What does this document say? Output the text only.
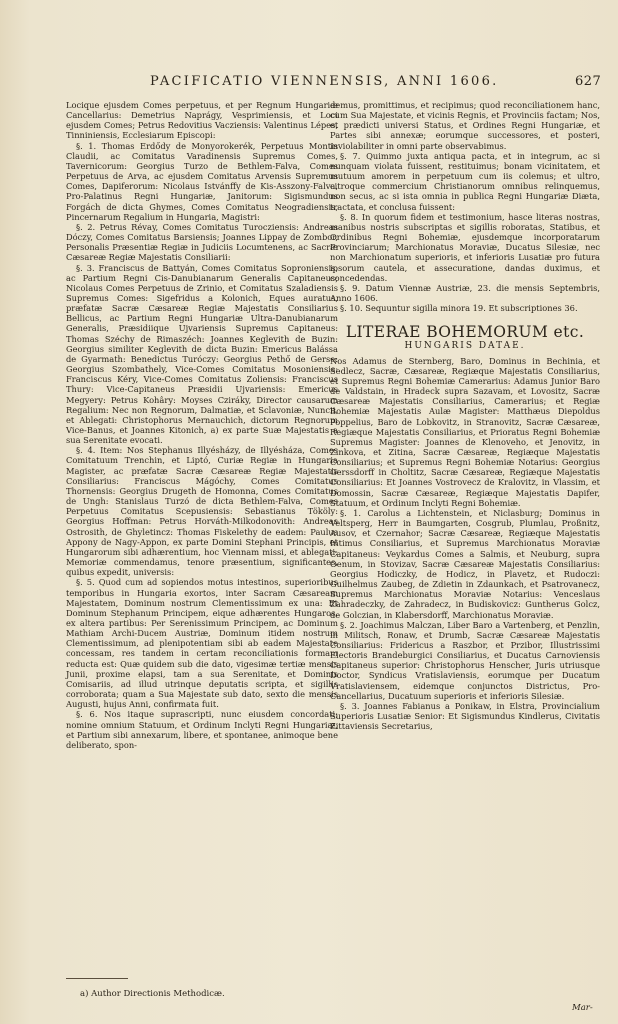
PACIFICATIO VIENNENSIS, ANNI 1606.	627

Locique ejusdem Comes perpetuus, et per Regnum Hungariæ Cancellarius: Demetrius Naprágy, Vesprimiensis, et Loci ejusdem Comes; Petrus Redovitius Vacziensis: Valentinus Lépes, Tinniniensis, Ecclesiarum Episcopi:

§. 1. Thomas Erdődy de Monyorokerék, Perpetuus Montis Claudii, ac Comitatus Varadinensis Supremus Comes, Tavernicorum: Georgius Turzo de Bethlem-Falva, Comes Perpetuus de Arva, ac ejusdem Comitatus Arvensis Supremus Comes, Dapiferorum: Nicolaus Istvánffy de Kis-Asszony-Falva, Pro-Palatinus Regni Hungariæ, Janitorum: Sigismundus Forgách de dicta Ghymes, Comes Comitatus Neogradiensis, Pincernarum Regalium in Hungaria, Magistri:

§. 2. Petrus Révay, Comes Comitatus Turocziensis: Andreas Dóczy, Comes Comitatus Barsiensis; Joannes Lippay de Zombor, Personalis Præsentiæ Regiæ in Judiciis Locumtenens, ac Sacræ Cæsareæ Regiæ Majestatis Consiliarii:

§. 3. Franciscus de Battyán, Comes Comitatus Soproniensis, ac Partium Regni Cis-Danubianarum Generalis Capitaneus; Nicolaus Comes Perpetuus de Zrinio, et Comitatus Szaladiensis Supremus Comes: Sigefridus a Kolonich, Eques auratus, præfatæ Sacræ Cæsareæ Regiæ Majestatis Consiliarius Bellicus, ac Partium Regni Hungariæ Ultra-Danubianarum Generalis, Præsidiique Ujvariensis Supremus Capitaneus: Thomas Széchy de Rimaszéch: Joannes Keglevith de Buzin: Georgius similiter Keglevith de dicta Buzin: Emericus Balássa de Gyarmath: Benedictus Turóczy: Georgius Pethő de Gerse: Georgius Szombathely, Vice-Comes Comitatus Mosoniensis: Franciscus Kéry, Vice-Comes Comitatus Zoliensis: Franciscus Thury: Vice-Capitaneus Præsidii Ujvariensis: Emericus Megyery: Petrus Kohâry: Moyses Cziráky, Director causarum Regalium: Nec non Regnorum, Dalmatiæ, et Sclavoniæ, Nuncii, et Ablegati: Christophorus Mernauchich, dictorum Regnorum Vice-Banus, et Joannes Kitonich, a) ex parte Suæ Majestatis a sua Serenitate evocati.

§. 4. Item: Nos Stephanus Illyésházy, de Illyésháza, Comes Comitatuum Trenchin, et Liptó, Curiæ Regiæ in Hungaria Magister, ac præfatæ Sacræ Cæsareæ Regiæ Majestatis Consiliarius: Franciscus Mágóchy, Comes Comitatus Thornensis: Georgius Drugeth de Homonna, Comes Comitatus de Ungh: Stanislaus Turzó de dicta Bethlem-Falva, Comes Perpetuus Comitatus Scepusiensis: Sebastianus Tököly: Georgius Hoffman: Petrus Horváth-Milkodonovith: Andreas Ostrosith, de Ghyletincz: Thomas Fiskelethy de eadem: Paulus Appony de Nagy-Appon, ex parte Domini Stephani Principis, et Hungarorum sibi adhærentium, hoc Viennam missi, et ablegati: Memoriæ commendamus, tenore præsentium, significantes, quibus expedit, universis:

§. 5. Quod cum ad sopiendos motus intestinos, superioribus temporibus in Hungaria exortos, inter Sacram Cæsaream Majestatem, Dominum nostrum Clementissimum ex una: Et Dominum Stephanum Principem, eique adhærentes Hungaros, ex altera partibus: Per Serenissimum Principem, ac Dominum Mathiam Archi-Ducem Austriæ, Dominum itidem nostrum Clementissimum, ad plenipotentiam sibi ab eadem Majestate concessam, res tandem in certam reconciliationis formam reducta est: Quæ quidem sub die dato, vigesimæ tertiæ mensis Junii, proxime elapsi, tam a sua Serenitate, et Dominis Comisariis, ad illud utrinque deputatis scripta, et sigillis corroborata; quam a Sua Majestate sub dato, sexto die mensis Augusti, hujus Anni, confirmata fuit.

§. 6. Nos itaque suprascripti, nunc eiusdem concordati; nomine omnium Statuum, et Ordinum Inclyti Regni Hungariæ, et Partium sibi annexarum, libere, et spontanee, animoque bene deliberato, spon-

demus, promittimus, et recipimus; quod reconciliationem hanc, cum Sua Majestate, et vicinis Regnis, et Provinciis factam; Nos, et prædicti universi Status, et Ordines Regni Hungariæ, et Partes sibi annexæ; eorumque successores, et posteri, inviolabiliter in omni parte observabimus.

§. 7. Quimmo juxta antiqua pacta, et in integrum, ac si nunquam violata fuissent, restituimus; bonam vicinitatem, et mutuum amorem in perpetuum cum iis colemus; et ultro, citroque commercium Christianorum omnibus relinquemus, non secus, ac si ista omnia in publica Regni Hungariæ Diæta, tractata, et conclusa fuissent:

§. 8. In quorum fidem et testimonium, hasce literas nostras, manibus nostris subscriptas et sigillis roboratas, Statibus, et Ordinibus Regni Bohemiæ, ejusdemque incorporatarum Provinciarum; Marchionatus Moraviæ, Ducatus Silesiæ, nec non Marchionatum superioris, et inferioris Lusatiæ pro futura ipsorum cautela, et assecuratione, dandas duximus, et concedendas.

§. 9. Datum Viennæ Austriæ, 23. die mensis Septembris, Anno 1606.

§. 10. Sequuntur sigilla minora 19. Et subscriptiones 36.

LITERAE BOHEMORUM etc.
HUNGARIS DATAE.

Nos Adamus de Sternberg, Baro, Dominus in Bechinia, et Sedlecz, Sacræ, Cæsareæ, Regiæque Majestatis Consiliarius, et Supremus Regni Bohemiæ Camerarius: Adamus Junior Baro de Valdstain, in Hradeck supra Sazavam, et Lovositz, Sacræ Cæsareæ Majestatis Consiliarius, Camerarius; et Regiæ Bohemiæ Majestatis Aulæ Magister: Matthæus Diepoldus Poppelius, Baro de Lobkovitz, in Stranovitz, Sacræ Cæsareæ, Regiæque Majestatis Consiliarius, et Prioratus Regni Bohemiæ Supremus Magister: Joannes de Klenoveho, et Jenovitz, in Zinkova, et Zitina, Sacræ Cæsareæ, Regiæque Majestatis Consiliarius; et Supremus Regni Bohemiæ Notarius: Georgius Gerssdorff in Choltitz, Sacræ Cæsareæ, Regiæque Majestatis Consiliarius: Et Joannes Vostrovecz de Kralovitz, in Vlassim, et Domossin, Sacræ Cæsareæ, Regiæque Majestatis Dapifer, Statuum, et Ordinum Inclyti Regni Bohemiæ.

§. 1. Carolus a Lichtenstein, et Niclasburg; Dominus in Veltsperg, Herr in Baumgarten, Cosgrub, Plumlau, Proßnitz, Ausov, et Czernahor; Sacræ Cæsareæ, Regiæque Majestatis Intimus Consiliarius, et Supremus Marchionatus Moraviæ Capitaneus: Veykardus Comes a Salmis, et Neuburg, supra Oenum, in Stovizav, Sacræ Cæsareæ Majestatis Consiliarius: Georgius Hodiczky, de Hodicz, in Plavetz, et Rudoczi: Guilhelmus Zaubeg, de Zdietin in Zdaunkach, et Psatrovanecz, Supremus Marchionatus Moraviæ Notarius: Venceslaus Zahradeczky, de Zahradecz, in Budiskovicz: Guntherus Golcz, de Golczian, in Klabersdorff, Marchionatus Moraviæ.

§. 2. Joachimus Malczan, Liber Baro a Vartenberg, et Penzlin, in Militsch, Ronaw, et Drumb, Sacræ Cæsareæ Majestatis Consiliarius: Fridericus a Raszbor, et Przibor, Illustrissimi Electoris Brandeburgici Consiliarius, et Ducatus Carnoviensis Capitaneus superior: Christophorus Henscher, Juris utriusque Doctor, Syndicus Vratislaviensis, eorumque per Ducatum Vratislaviensem, eidemque conjunctos Districtus, Pro-Cancellarius, Ducatuum superioris et inferioris Silesiæ.

§. 3. Joannes Fabianus a Ponikaw, in Elstra, Provincialium Superioris Lusatiæ Senior: Et Sigismundus Kindlerus, Civitatis Zittaviensis Secretarius,

Mar-
a) Author Directionis Methodicæ.
